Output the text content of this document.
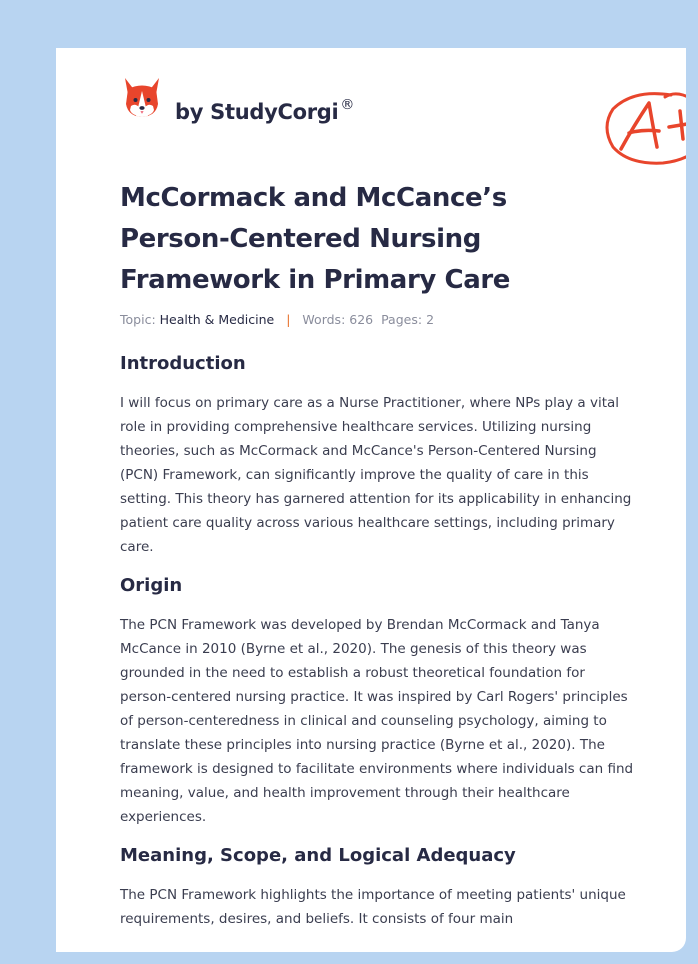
by StudyCorgi ®
McCormack and McCance’s Person-Centered Nursing Framework in Primary Care
Topic: Health & Medicine | Words: 626 Pages: 2
Introduction

I will focus on primary care as a Nurse Practitioner, where NPs play a vital role in providing comprehensive healthcare services. Utilizing nursing theories, such as McCormack and McCance's Person-Centered Nursing (PCN) Framework, can significantly improve the quality of care in this setting. This theory has garnered attention for its applicability in enhancing patient care quality across various healthcare settings, including primary care.

Origin

The PCN Framework was developed by Brendan McCormack and Tanya McCance in 2010 (Byrne et al., 2020). The genesis of this theory was grounded in the need to establish a robust theoretical foundation for person-centered nursing practice. It was inspired by Carl Rogers' principles of person-centeredness in clinical and counseling psychology, aiming to translate these principles into nursing practice (Byrne et al., 2020). The framework is designed to facilitate environments where individuals can find meaning, value, and health improvement through their healthcare experiences.

Meaning, Scope, and Logical Adequacy

The PCN Framework highlights the importance of meeting patients' unique requirements, desires, and beliefs. It consists of four main
